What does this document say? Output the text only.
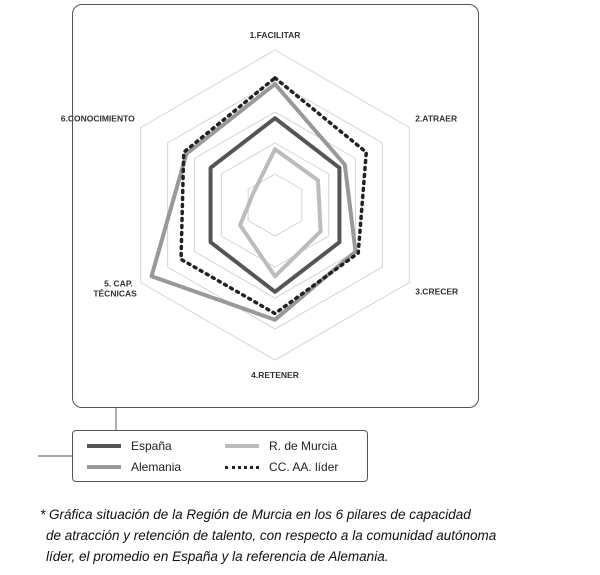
1.FACILITAR
2.ATRAER
3.CRECER
4.RETENER
5. CAP. TÉCNICAS
6.CONOCIMIENTO
España
Alemania
R. de Murcia
CC. AA. líder
* Gráfica situación de la Región de Murcia en los 6 pilares de capacidad
de atracción y retención de talento, con respecto a la comunidad autónoma
líder, el promedio en España y la referencia de Alemania.
